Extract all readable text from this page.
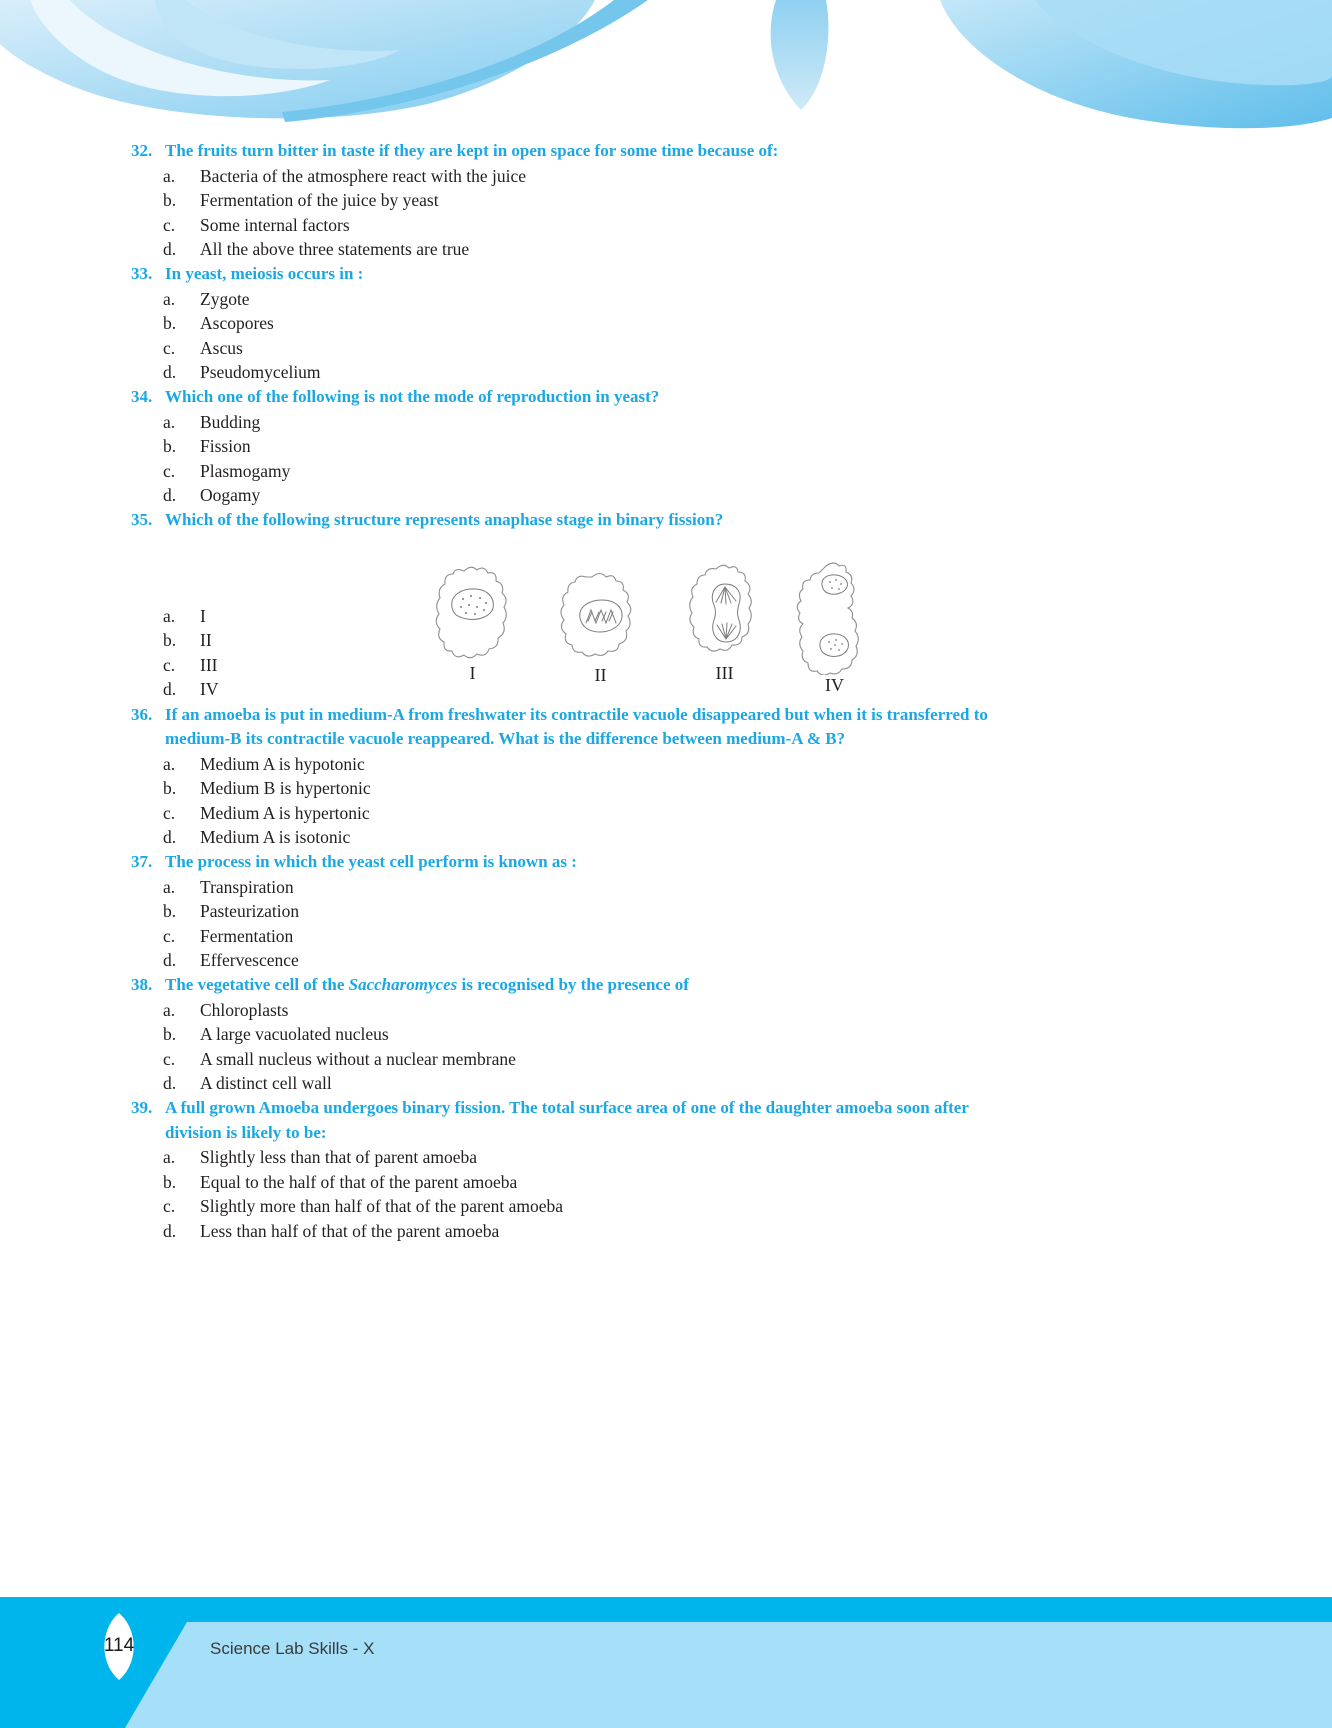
32. The fruits turn bitter in taste if they are kept in open space for some time because of:
a.	Bacteria of the atmosphere react with the juice
b.	Fermentation of the juice by yeast
c.	Some internal factors
d.	All the above three statements are true
33. In yeast, meiosis occurs in :
a.	Zygote
b.	Ascopores
c.	Ascus
d.	Pseudomycelium
34. Which one of the following is not the mode of reproduction in yeast?
a.	Budding
b.	Fission
c.	Plasmogamy
d.	Oogamy
35. Which of the following structure represents anaphase stage in binary fission?
a.	I
b.	II
c.	III
d.	IV
I	II	III
IV
36. If an amoeba is put in medium-A from freshwater its contractile vacuole disappeared but when it is transferred to
medium-B its contractile vacuole reappeared. What is the difference between medium-A & B?
a.	Medium A is hypotonic
b.	Medium B is hypertonic
c.	Medium A is hypertonic
d.	Medium A is isotonic
37. The process in which the yeast cell perform is known as :
a.	Transpiration
b.	Pasteurization
c.	Fermentation
d.	Effervescence
38. The vegetative cell of the Saccharomyces is recognised by the presence of
a.	Chloroplasts
b.	A large vacuolated nucleus
c.	A small nucleus without a nuclear membrane
d.	A distinct cell wall
39. A full grown Amoeba undergoes binary fission. The total surface area of one of the daughter amoeba soon after
division is likely to be:
a.	Slightly less than that of parent amoeba
b.	Equal to the half of that of the parent amoeba
c.	Slightly more than half of that of the parent amoeba
d.	Less than half of that of the parent amoeba
114	Science Lab Skills - X
